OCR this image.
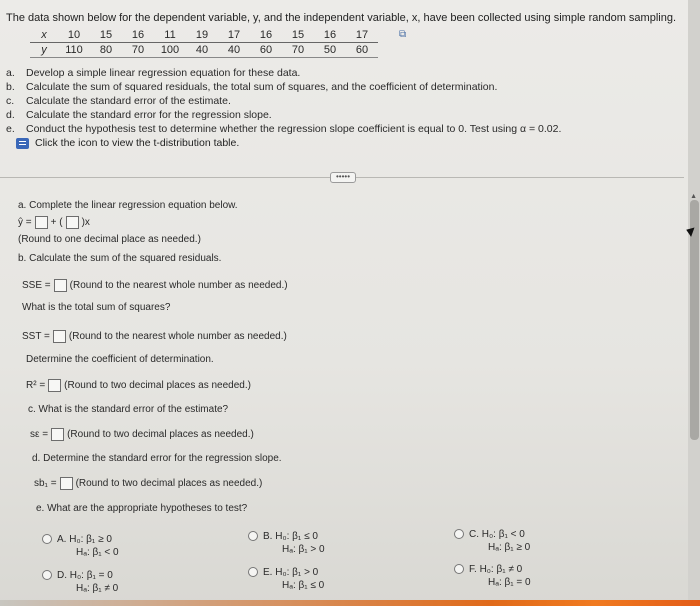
The data shown below for the dependent variable, y, and the independent variable, x, have been collected using simple random sampling.
x	10	15	16	11	19	17	16	15	16	17
y	110	80	70	100	40	40	60	70	50	60
⧉
a.	Develop a simple linear regression equation for these data.
b.	Calculate the sum of squared residuals, the total sum of squares, and the coefficient of determination.
c.	Calculate the standard error of the estimate.
d.	Calculate the standard error for the regression slope.
e.	Conduct the hypothesis test to determine whether the regression slope coefficient is equal to 0. Test using α = 0.02.
Click the icon to view the t-distribution table.
•••••
a. Complete the linear regression equation below.
ŷ = + ( )x
(Round to one decimal place as needed.)
b. Calculate the sum of the squared residuals.
SSE = (Round to the nearest whole number as needed.)
What is the total sum of squares?
SST = (Round to the nearest whole number as needed.)
Determine the coefficient of determination.
R² = (Round to two decimal places as needed.)
c. What is the standard error of the estimate?
sε = (Round to two decimal places as needed.)
d. Determine the standard error for the regression slope.
sb₁ = (Round to two decimal places as needed.)
e. What are the appropriate hypotheses to test?
A. H₀: β₁ ≥ 0
Hₐ: β₁ < 0
B. H₀: β₁ ≤ 0
Hₐ: β₁ > 0
C. H₀: β₁ < 0
Hₐ: β₁ ≥ 0
D. H₀: β₁ = 0
Hₐ: β₁ ≠ 0
E. H₀: β₁ > 0
Hₐ: β₁ ≤ 0
F. H₀: β₁ ≠ 0
Hₐ: β₁ = 0
▲
